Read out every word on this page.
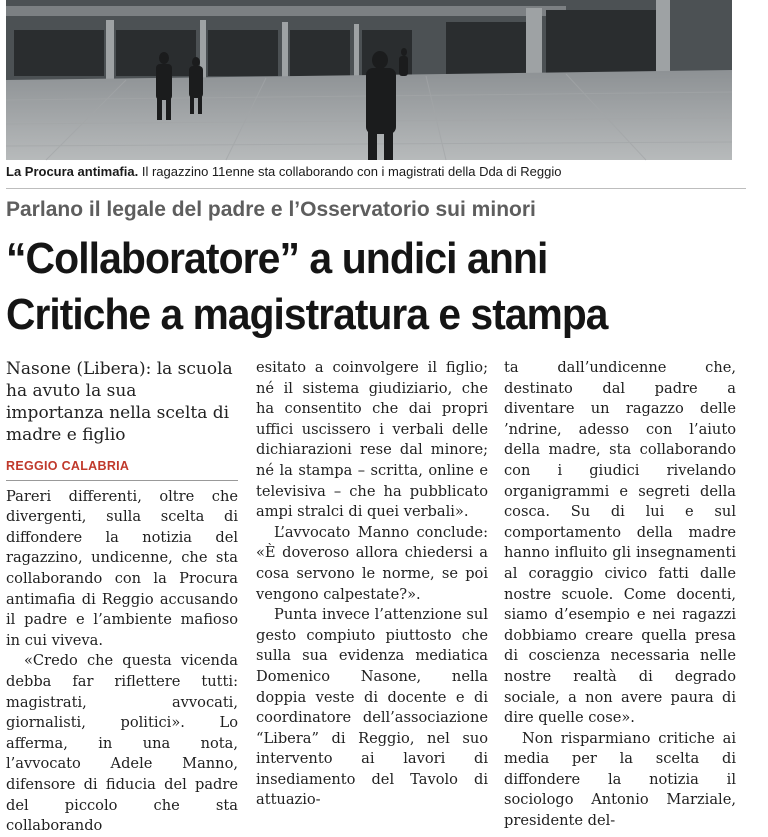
La Procura antimafia. Il ragazzino 11enne sta collaborando con i magistrati della Dda di Reggio
Parlano il legale del padre e l’Osservatorio sui minori
“Collaboratore” a undici anni
Critiche a magistratura e stampa
Nasone (Libera): la scuola ha avuto la sua importanza nella scelta di madre e figlio
REGGIO CALABRIA

Pareri differenti, oltre che divergenti, sulla scelta di diffondere la notizia del ragazzino, undicenne, che sta collaborando con la Procura antimafia di Reggio accusando il padre e l’ambiente mafioso in cui viveva.

«Credo che questa vicenda debba far riflettere tutti: magistrati, avvocati, giornalisti, politici». Lo afferma, in una nota, l’avvocato Adele Manno, difensore di fiducia del padre del piccolo che sta collaborando

esitato a coinvolgere il figlio; né il sistema giudiziario, che ha consentito che dai propri uffici uscissero i verbali delle dichiarazioni rese dal minore; né la stampa – scritta, online e televisiva – che ha pubblicato ampi stralci di quei verbali».

L’avvocato Manno conclude: «È doveroso allora chiedersi a cosa servono le norme, se poi vengono calpestate?».

Punta invece l’attenzione sul gesto compiuto piuttosto che sulla sua evidenza mediatica Domenico Nasone, nella doppia veste di docente e di coordinatore dell’associazione “Libera” di Reggio, nel suo intervento ai lavori di insediamento del Tavolo di attuazio-

ta dall’undicenne che, destinato dal padre a diventare un ragazzo delle ’ndrine, adesso con l’aiuto della madre, sta collaborando con i giudici rivelando organigrammi e segreti della cosca. Su di lui e sul comportamento della madre hanno influito gli insegnamenti al coraggio civico fatti dalle nostre scuole. Come docenti, siamo d’esempio e nei ragazzi dobbiamo creare quella presa di coscienza necessaria nelle nostre realtà di degrado sociale, a non avere paura di dire quelle cose».

Non risparmiano critiche ai media per la scelta di diffondere la notizia il sociologo Antonio Marziale, presidente del-
